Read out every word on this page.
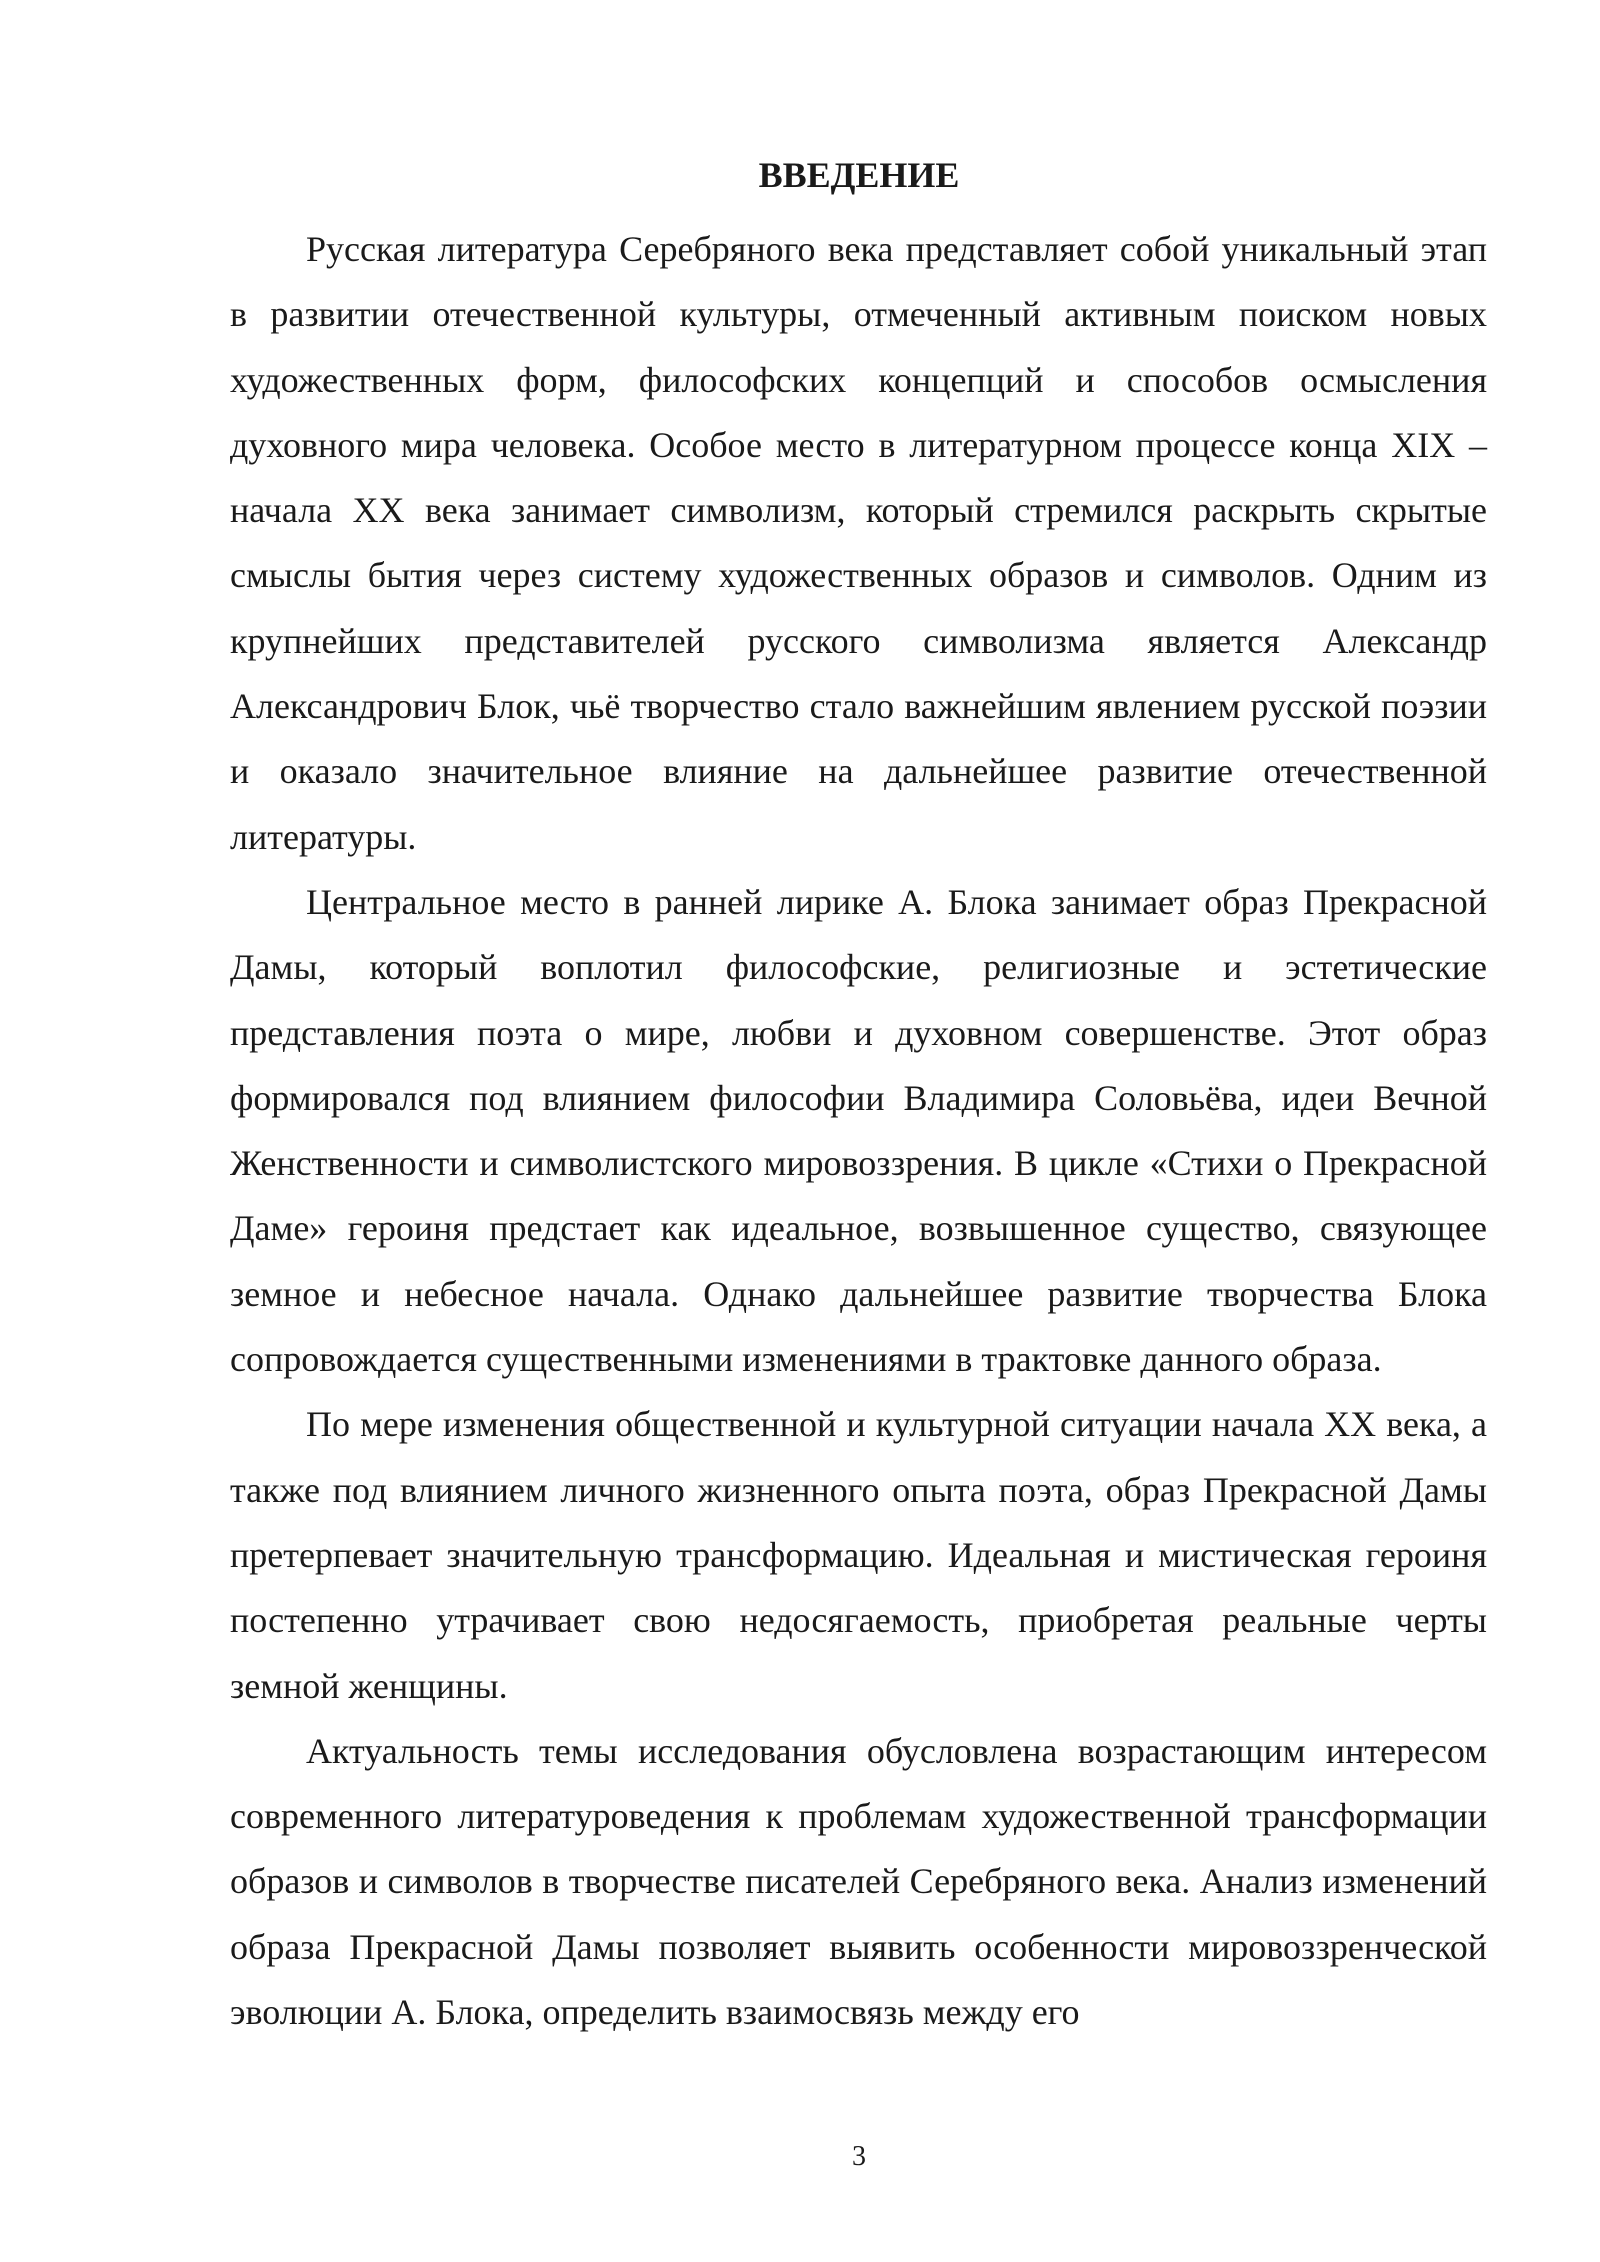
ВВЕДЕНИЕ

Русская литература Серебряного века представляет собой уникальный этап в развитии отечественной культуры, отмеченный активным поиском новых художественных форм, философских концепций и способов осмысления духовного мира человека. Особое место в литературном процессе конца XIX – начала XX века занимает символизм, который стремился раскрыть скрытые смыслы бытия через систему художественных образов и символов. Одним из крупнейших представителей русского символизма является Александр Александрович Блок, чьё творчество стало важнейшим явлением русской поэзии и оказало значительное влияние на дальнейшее развитие отечественной литературы.

Центральное место в ранней лирике А. Блока занимает образ Прекрасной Дамы, который воплотил философские, религиозные и эстетические представления поэта о мире, любви и духовном совершенстве. Этот образ формировался под влиянием философии Владимира Соловьёва, идеи Вечной Женственности и символистского мировоззрения. В цикле «Стихи о Прекрасной Даме» героиня предстает как идеальное, возвышенное существо, связующее земное и небесное начала. Однако дальнейшее развитие творчества Блока сопровождается существенными изменениями в трактовке данного образа.

По мере изменения общественной и культурной ситуации начала XX века, а также под влиянием личного жизненного опыта поэта, образ Прекрасной Дамы претерпевает значительную трансформацию. Идеальная и мистическая героиня постепенно утрачивает свою недосягаемость, приобретая реальные черты земной женщины.

Актуальность темы исследования обусловлена возрастающим интересом современного литературоведения к проблемам художественной трансформации образов и символов в творчестве писателей Серебряного века. Анализ изменений образа Прекрасной Дамы позволяет выявить особенности мировоззренческой эволюции А. Блока, определить взаимосвязь между его

3
